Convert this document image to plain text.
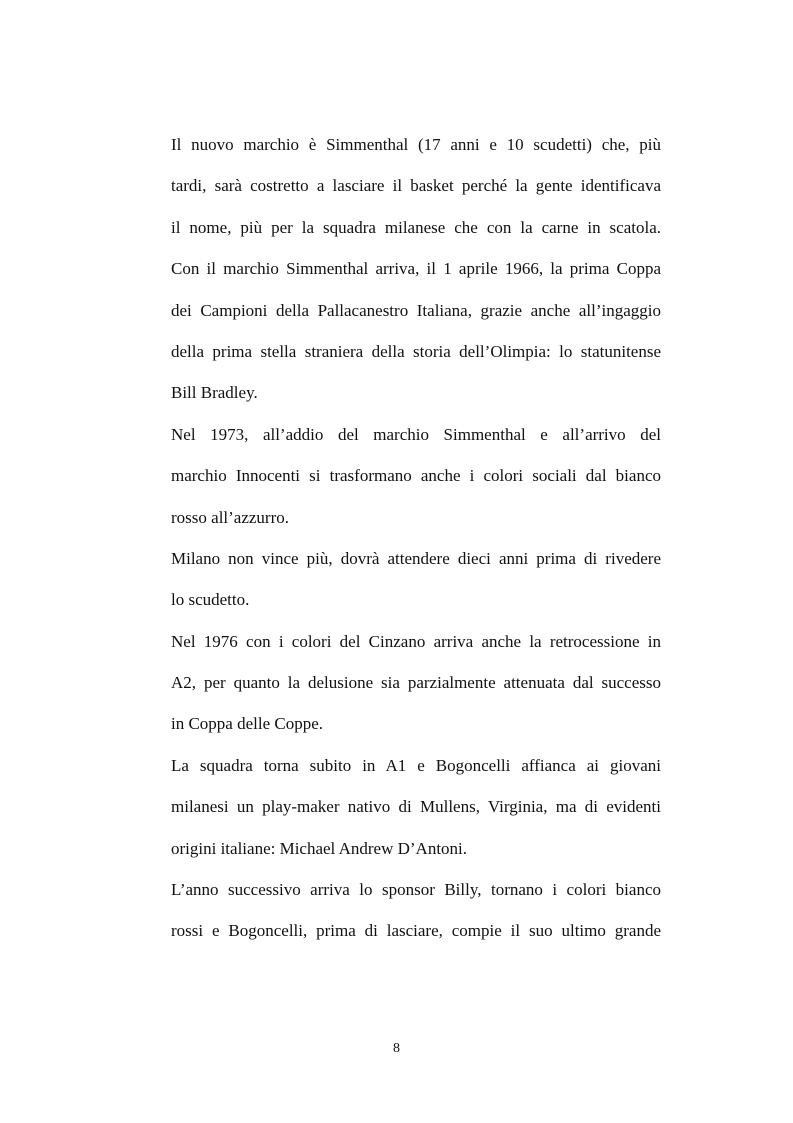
Il nuovo marchio è Simmenthal (17 anni e 10 scudetti) che, più
tardi, sarà costretto a lasciare il basket perché la gente identificava
il nome, più per la squadra milanese che con la carne in scatola.
Con il marchio Simmenthal arriva, il 1 aprile 1966, la prima Coppa
dei Campioni della Pallacanestro Italiana, grazie anche all’ingaggio
della prima stella straniera della storia dell’Olimpia: lo statunitense
Bill Bradley.
Nel 1973, all’addio del marchio Simmenthal e all’arrivo del
marchio Innocenti si trasformano anche i colori sociali dal bianco
rosso all’azzurro.
Milano non vince più, dovrà attendere dieci anni prima di rivedere
lo scudetto.
Nel 1976 con i colori del Cinzano arriva anche la retrocessione in
A2, per quanto la delusione sia parzialmente attenuata dal successo
in Coppa delle Coppe.
La squadra torna subito in A1 e Bogoncelli affianca ai giovani
milanesi un play-maker nativo di Mullens, Virginia, ma di evidenti
origini italiane: Michael Andrew D’Antoni.
L’anno successivo arriva lo sponsor Billy, tornano i colori bianco
rossi e Bogoncelli, prima di lasciare, compie il suo ultimo grande
8
